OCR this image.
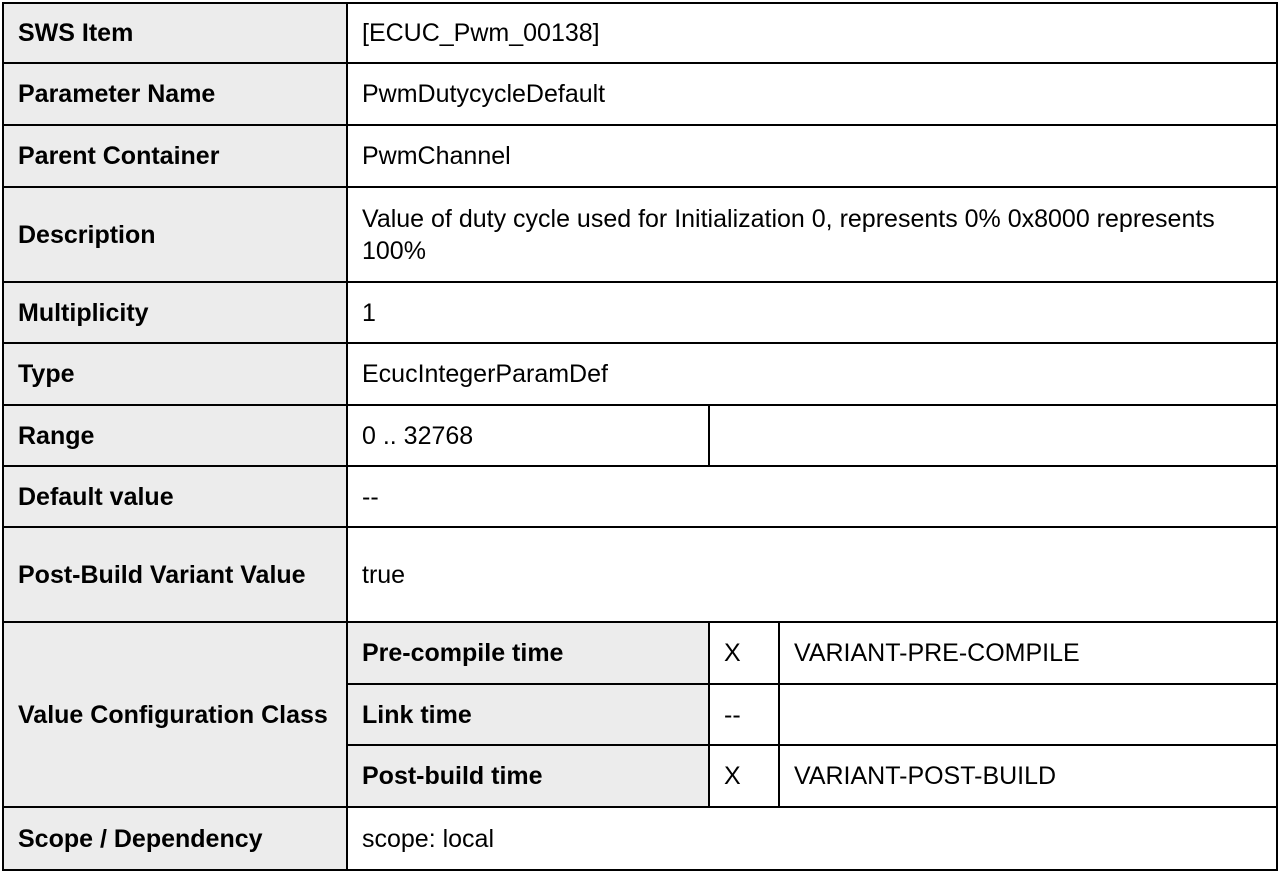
SWS Item	[ECUC_Pwm_00138]		
Parameter Name	PwmDutycycleDefault		
Parent Container	PwmChannel		
Description	Value of duty cycle used for Initialization 0, represents 0% 0x8000 represents 100%		
Multiplicity	1		
Type	EcucIntegerParamDef		
Range	0 .. 32768		
Default value	--		
Post-Build Variant Value	true		
Value Configuration Class	Pre-compile time	X	VARIANT-PRE-COMPILE
	Link time	--	
	Post-build time	X	VARIANT-POST-BUILD
Scope / Dependency	scope: local		
